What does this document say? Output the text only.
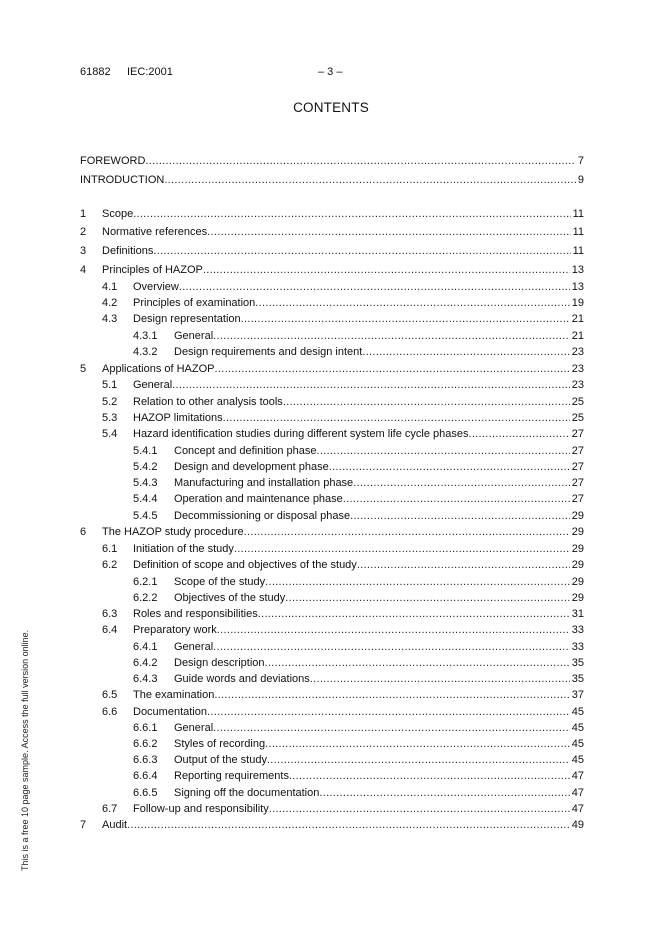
61882 IEC:2001	– 3 –
CONTENTS
FOREWORD .....	7
INTRODUCTION .....	9
1	Scope .....	11
2	Normative references .....	11
3	Definitions .....	11
4	Principles of HAZOP .....	13
4.1	Overview .....	13
4.2	Principles of examination .....	19
4.3	Design representation .....	21
4.3.1	General .....	21
4.3.2	Design requirements and design intent .....	23
5	Applications of HAZOP .....	23
5.1	General .....	23
5.2	Relation to other analysis tools .....	25
5.3	HAZOP limitations .....	25
5.4	Hazard identification studies during different system life cycle phases .....	27
5.4.1	Concept and definition phase .....	27
5.4.2	Design and development phase .....	27
5.4.3	Manufacturing and installation phase .....	27
5.4.4	Operation and maintenance phase .....	27
5.4.5	Decommissioning or disposal phase .....	29
6	The HAZOP study procedure .....	29
6.1	Initiation of the study .....	29
6.2	Definition of scope and objectives of the study .....	29
6.2.1	Scope of the study .....	29
6.2.2	Objectives of the study .....	29
6.3	Roles and responsibilities .....	31
6.4	Preparatory work .....	33
6.4.1	General .....	33
6.4.2	Design description .....	35
6.4.3	Guide words and deviations .....	35
6.5	The examination .....	37
6.6	Documentation .....	45
6.6.1	General .....	45
6.6.2	Styles of recording .....	45
6.6.3	Output of the study .....	45
6.6.4	Reporting requirements .....	47
6.6.5	Signing off the documentation .....	47
6.7	Follow-up and responsibility .....	47
7	Audit .....	49
This is a free 10 page sample. Access the full version online.
